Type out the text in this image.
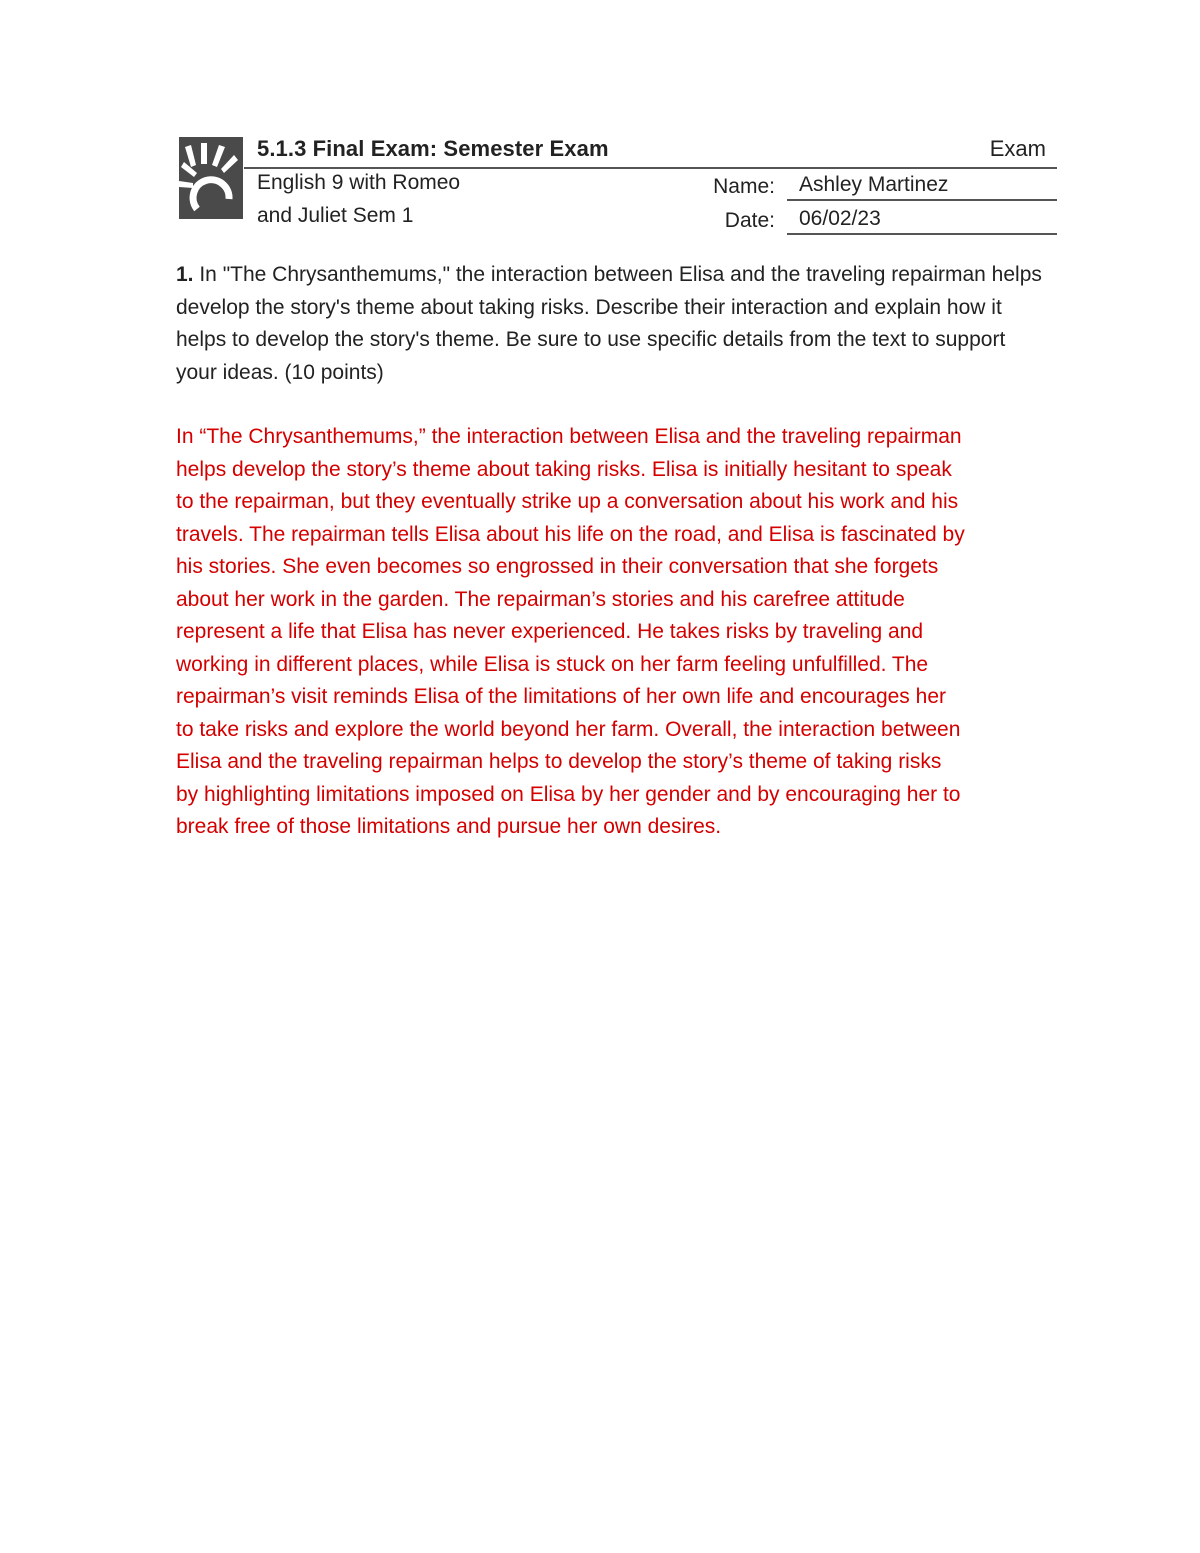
5.1.3 Final Exam: Semester Exam	Exam
English 9 with Romeo
and Juliet Sem 1
Name:	Ashley Martinez
Date:	06/02/23
1. In "The Chrysanthemums," the interaction between Elisa and the traveling repairman helps develop the story's theme about taking risks. Describe their interaction and explain how it helps to develop the story's theme. Be sure to use specific details from the text to support your ideas. (10 points)
In “The Chrysanthemums,” the interaction between Elisa and the traveling repairman
helps develop the story’s theme about taking risks. Elisa is initially hesitant to speak
to the repairman, but they eventually strike up a conversation about his work and his
travels. The repairman tells Elisa about his life on the road, and Elisa is fascinated by
his stories. She even becomes so engrossed in their conversation that she forgets
about her work in the garden. The repairman’s stories and his carefree attitude
represent a life that Elisa has never experienced. He takes risks by traveling and
working in different places, while Elisa is stuck on her farm feeling unfulfilled. The
repairman’s visit reminds Elisa of the limitations of her own life and encourages her
to take risks and explore the world beyond her farm. Overall, the interaction between
Elisa and the traveling repairman helps to develop the story’s theme of taking risks
by highlighting limitations imposed on Elisa by her gender and by encouraging her to
break free of those limitations and pursue her own desires.
